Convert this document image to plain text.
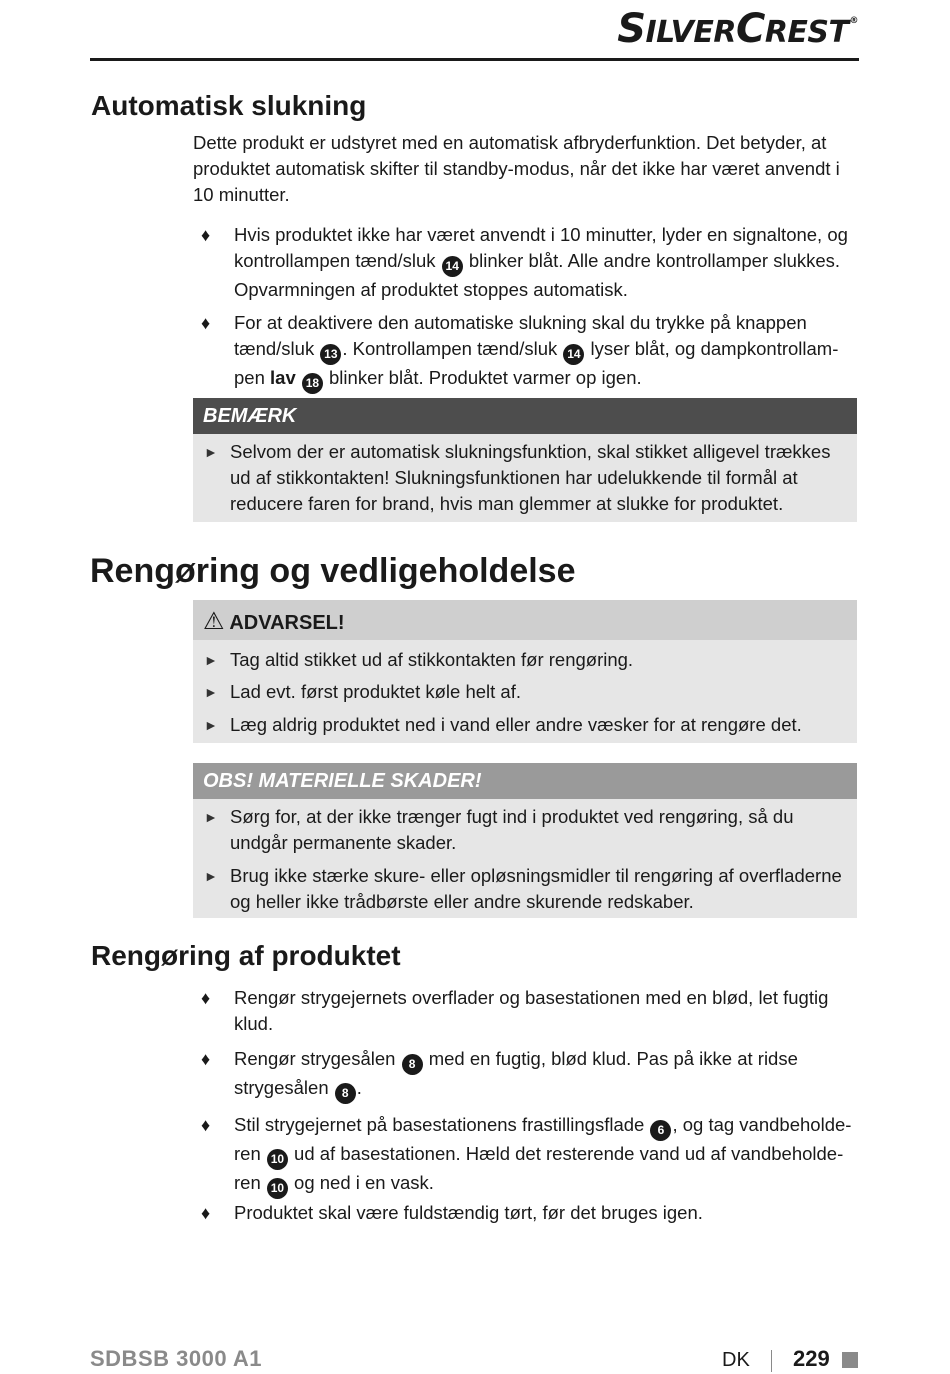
SILVERCREST®
Automatisk slukning

Dette produkt er udstyret med en automatisk afbryderfunktion. Det betyder, at produktet automatisk skifter til standby-modus, når det ikke har været anvendt i 10 minutter.

♦ Hvis produktet ikke har været anvendt i 10 minutter, lyder en signaltone, og kontrollampen tænd/sluk 14 blinker blåt. Alle andre kontrollamper slukkes. Opvarmningen af produktet stoppes automatisk.
♦ For at deaktivere den automatiske slukning skal du trykke på knappen tænd/sluk 13 . Kontrollampen tænd/sluk 14 lyser blåt, og dampkontrollampen lav 18 blinker blåt. Produktet varmer op igen.
BEMÆRK
► Selvom der er automatisk slukningsfunktion, skal stikket alligevel trækkes ud af stikkontakten! Slukningsfunktionen har udelukkende til formål at reducere faren for brand, hvis man glemmer at slukke for produktet.
Rengøring og vedligeholdelse
⚠ ADVARSEL!
► Tag altid stikket ud af stikkontakten før rengøring.
► Lad evt. først produktet køle helt af.
► Læg aldrig produktet ned i vand eller andre væsker for at rengøre det.
OBS! MATERIELLE SKADER!
► Sørg for, at der ikke trænger fugt ind i produktet ved rengøring, så du undgår permanente skader.
► Brug ikke stærke skure- eller opløsningsmidler til rengøring af overfladerne og heller ikke trådbørste eller andre skurende redskaber.
Rengøring af produktet
♦ Rengør strygejernets overflader og basestationen med en blød, let fugtig klud.
♦ Rengør strygesålen 8 med en fugtig, blød klud. Pas på ikke at ridse strygesålen 8 .
♦ Stil strygejernet på basestationens frastillingsflade 6 , og tag vandbeholderen 10 ud af basestationen. Hæld det resterende vand ud af vandbeholderen 10 og ned i en vask.
♦ Produktet skal være fuldstændig tørt, før det bruges igen.
SDBSB 3000 A1	DK 229
